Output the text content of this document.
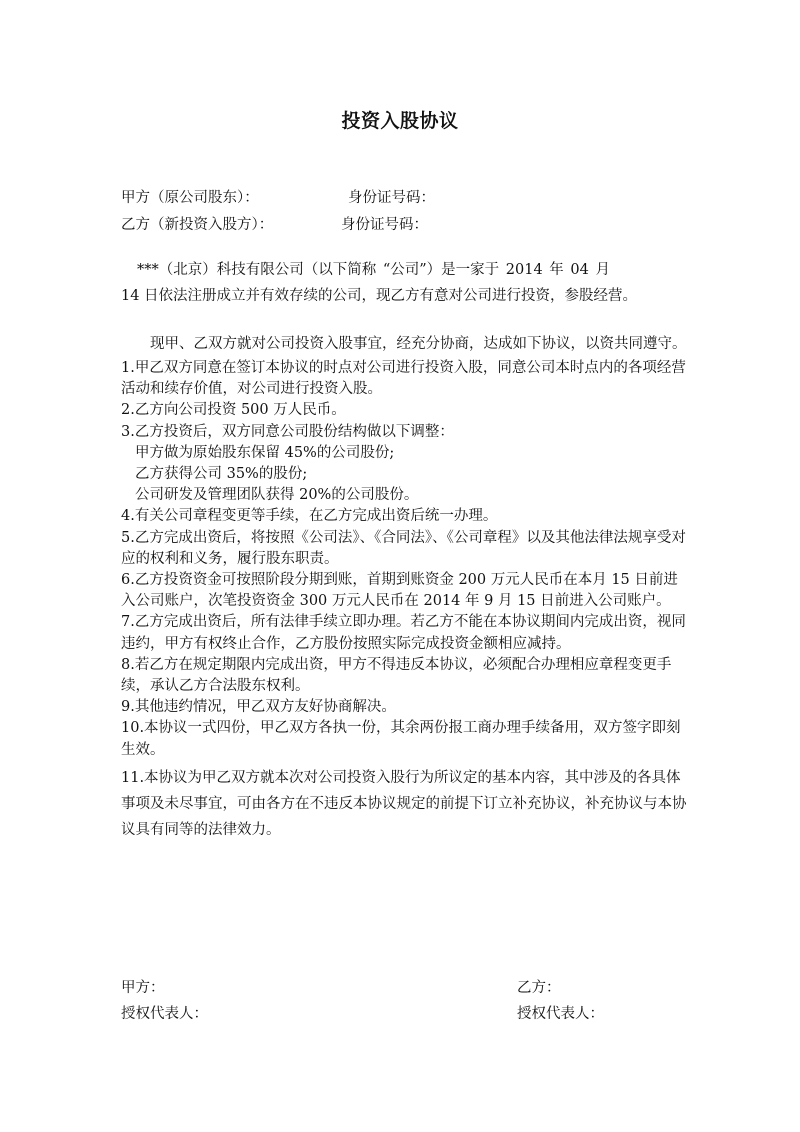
投资入股协议
甲方（原公司股东）：	身份证号码：
乙方（新投资入股方）：	身份证号码：
***（北京）科技有限公司（以下简称 “公司”）是一家于 2014 年 04 月
14 日依法注册成立并有效存续的公司，现乙方有意对公司进行投资，参股经营。

现甲、乙双方就对公司投资入股事宜，经充分协商，达成如下协议，以资共同遵守。

1.甲乙双方同意在签订本协议的时点对公司进行投资入股，同意公司本时点内的各项经营活动和续存价值，对公司进行投资入股。

2.乙方向公司投资 500 万人民币。

3.乙方投资后，双方同意公司股份结构做以下调整：

甲方做为原始股东保留 45%的公司股份;

乙方获得公司 35%的股份;

公司研发及管理团队获得 20%的公司股份。

4.有关公司章程变更等手续，在乙方完成出资后统一办理。

5.乙方完成出资后，将按照《公司法》、《合同法》、《公司章程》以及其他法律法规享受对应的权利和义务，履行股东职责。

6.乙方投资资金可按照阶段分期到账，首期到账资金 200 万元人民币在本月 15 日前进入公司账户，次笔投资资金 300 万元人民币在 2014 年 9 月 15 日前进入公司账户。

7.乙方完成出资后，所有法律手续立即办理。若乙方不能在本协议期间内完成出资，视同违约，甲方有权终止合作，乙方股份按照实际完成投资金额相应减持。

8.若乙方在规定期限内完成出资，甲方不得违反本协议，必须配合办理相应章程变更手续，承认乙方合法股东权利。

9.其他违约情况，甲乙双方友好协商解决。

10.本协议一式四份，甲乙双方各执一份，其余两份报工商办理手续备用，双方签字即刻生效。

11.本协议为甲乙双方就本次对公司投资入股行为所议定的基本内容，其中涉及的各具体事项及未尽事宜，可由各方在不违反本协议规定的前提下订立补充协议，补充协议与本协议具有同等的法律效力。

甲方：
授权代表人：
乙方：
授权代表人：
